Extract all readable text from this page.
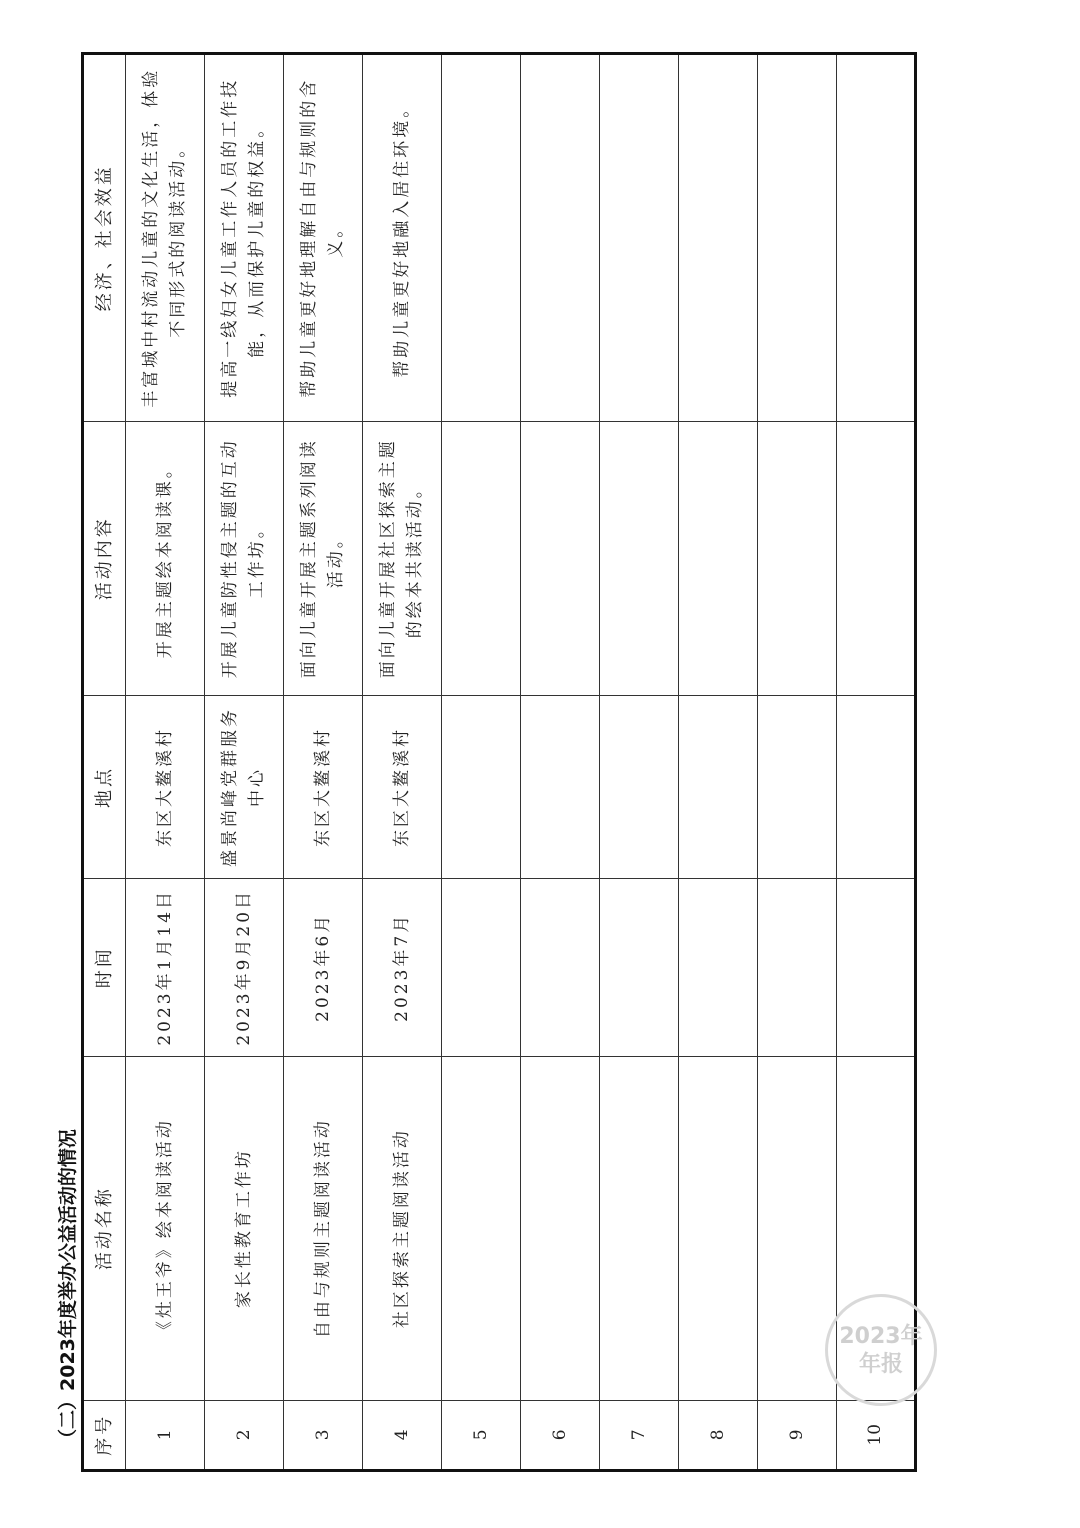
（二）2023年度举办公益活动的情况 序号	活动名称	时间	地点	活动内容	经济、社会效益
1	《灶王爷》绘本阅读活动	2023年1月14日	东区大鳌溪村	开展主题绘本阅读课。	丰富城中村流动儿童的文化生活，体验不同形式的阅读活动。
2	家长性教育工作坊	2023年9月20日	盛景尚峰党群服务中心	开展儿童防性侵主题的互动工作坊。	提高一线妇女儿童工作人员的工作技能，从而保护儿童的权益。
3	自由与规则主题阅读活动	2023年6月	东区大鳌溪村	面向儿童开展主题系列阅读活动。	帮助儿童更好地理解自由与规则的含义。
4	社区探索主题阅读活动	2023年7月	东区大鳌溪村	面向儿童开展社区探索主题的绘本共读活动。	帮助儿童更好地融入居住环境。
5					
6					
7					
8					
9					
10					
2023年
年报
